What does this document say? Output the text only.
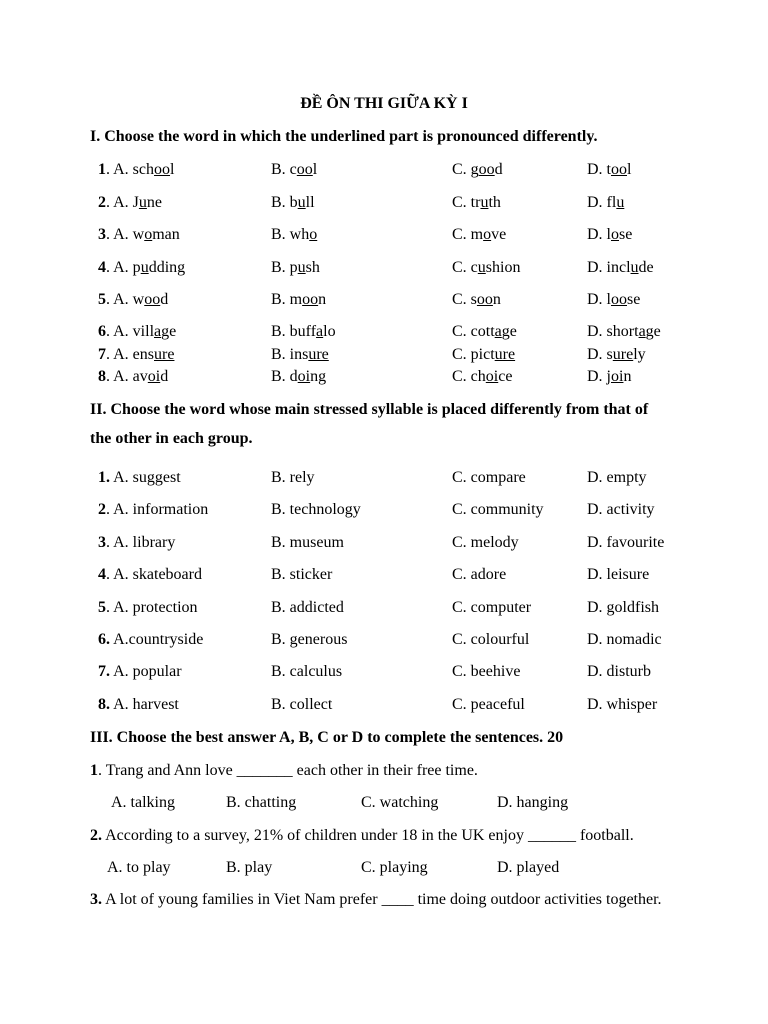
ĐỀ ÔN THI GIỮA KỲ I
I. Choose the word in which the underlined part is pronounced differently.
1. A. school	B. cool	C. good	D. tool
2. A. June	B. bull	C. truth	D. flu
3. A. woman	B. who	C. move	D. lose
4. A. pudding	B. push	C. cushion	D. include
5. A. wood	B. moon	C. soon	D. loose
6. A. village	B. buffalo	C. cottage	D. shortage
7. A. ensure	B. insure	C. picture	D. surely
8. A. avoid	B. doing	C. choice	D. join
II. Choose the word whose main stressed syllable is placed differently from that of
the other in each group.
1. A. suggest	B. rely	C. compare	D. empty
2. A. information	B. technology	C. community	D. activity
3. A. library	B. museum	C. melody	D. favourite
4. A. skateboard	B. sticker	C. adore	D. leisure
5. A. protection	B. addicted	C. computer	D. goldfish
6. A.countryside	B. generous	C. colourful	D. nomadic
7. A. popular	B. calculus	C. beehive	D. disturb
8. A. harvest	B. collect	C. peaceful	D. whisper
III. Choose the best answer A, B, C or D to complete the sentences. 20
1. Trang and Ann love _______ each other in their free time.
A. talking	B. chatting	C. watching	D. hanging
2. According to a survey, 21% of children under 18 in the UK enjoy ______ football.
A. to play	B. play	C. playing	D. played
3. A lot of young families in Viet Nam prefer ____ time doing outdoor activities together.
